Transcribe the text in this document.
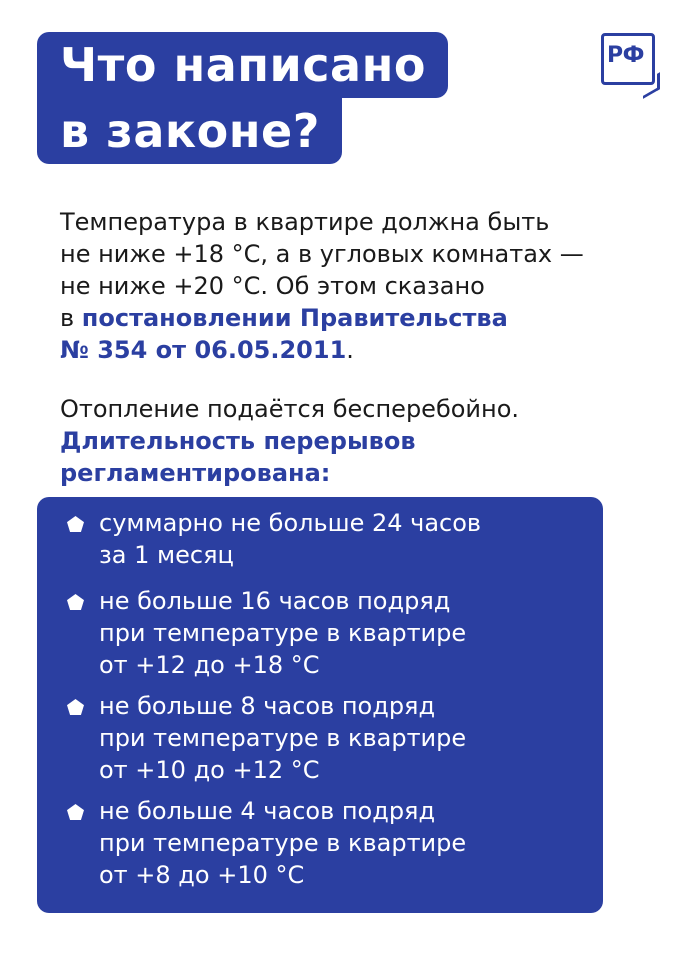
Что написано
в законе?
РФ

Температура в квартире должна быть
не ниже +18 °С, а в угловых комнатах —
не ниже +20 °С. Об этом сказано
в постановлении Правительства
№ 354 от 06.05.2011.

Отопление подаётся бесперебойно.
Длительность перерывов
регламентирована:

суммарно не больше 24 часов
за 1 месяц
не больше 16 часов подряд
при температуре в квартире
от +12 до +18 °С
не больше 8 часов подряд
при температуре в квартире
от +10 до +12 °С
не больше 4 часов подряд
при температуре в квартире
от +8 до +10 °С
